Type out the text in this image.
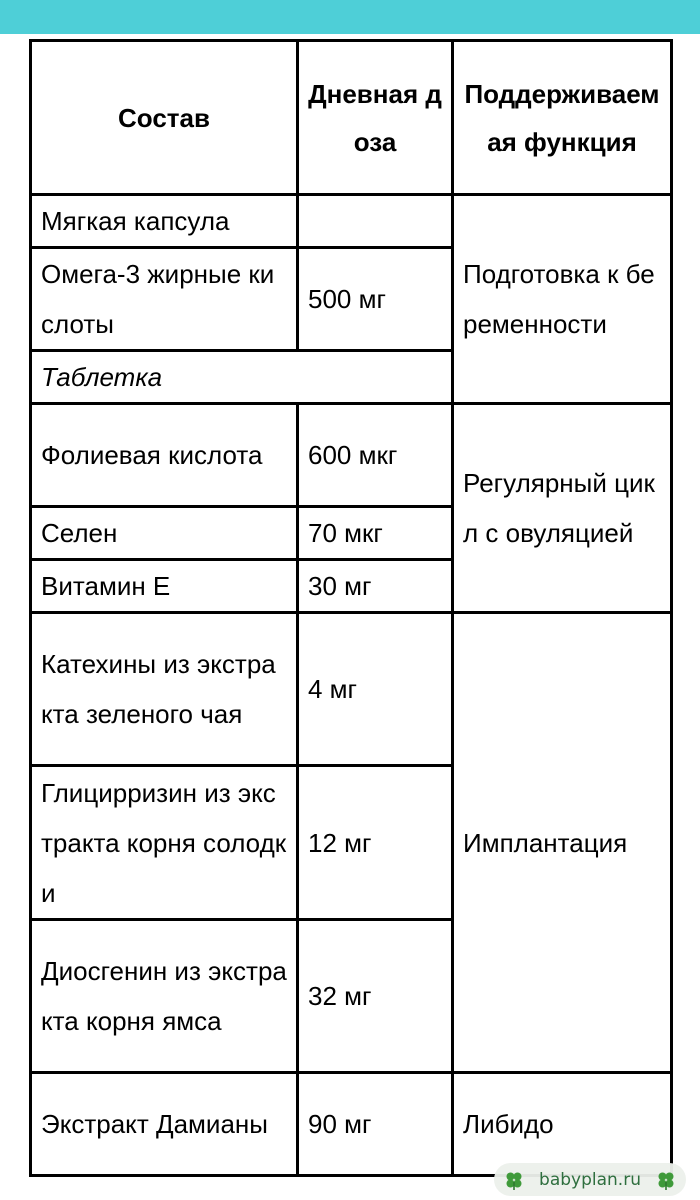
Состав	Дневная доза	Поддерживаемая функция
Мягкая капсула		Подготовка к беременности
Омега-3 жирные кислоты	500 мг	
Таблетка		
Фолиевая кислота	600 мкг	Регулярный цикл с овуляцией
Селен	70 мкг	
Витамин Е	30 мг	
Катехины из экстракта зеленого чая	4 мг	Имплантация
Глицирризин из экстракта корня солодки	12 мг	
Диосгенин из экстракта корня ямса	32 мг	
Экстракт Дамианы	90 мг	Либидо
babyplan.ru
